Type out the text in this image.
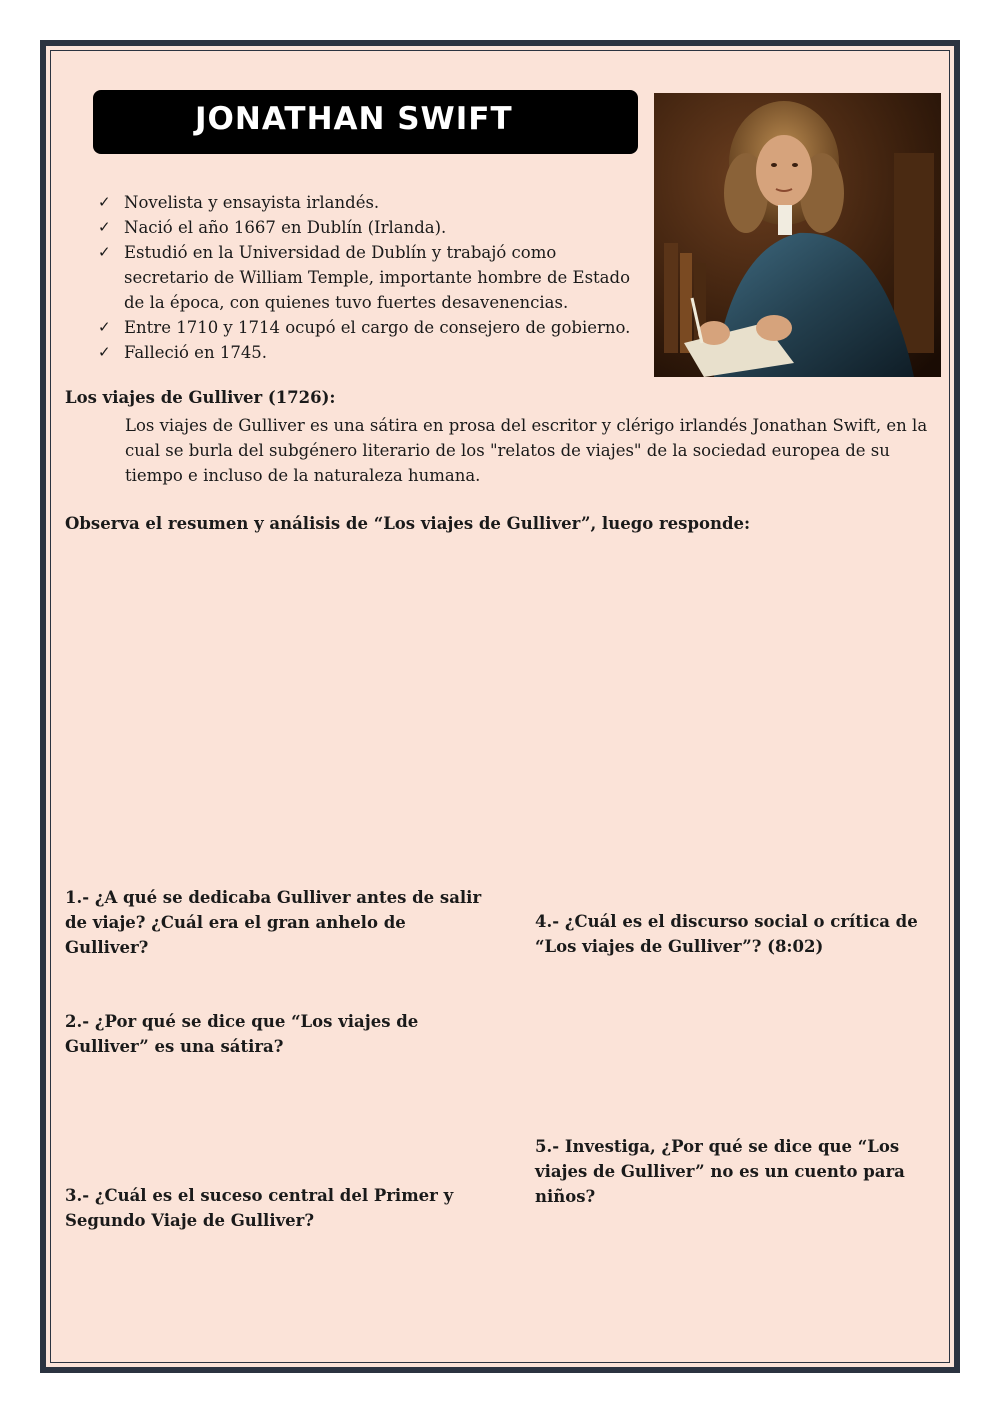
JONATHAN SWIFT
✓ Novelista y ensayista irlandés.
✓ Nació el año 1667 en Dublín (Irlanda).
✓ Estudió en la Universidad de Dublín y trabajó como secretario de William Temple, importante hombre de Estado de la época, con quienes tuvo fuertes desavenencias.
✓ Entre 1710 y 1714 ocupó el cargo de consejero de gobierno.
✓ Falleció en 1745.
Los viajes de Gulliver (1726):
Los viajes de Gulliver es una sátira en prosa del escritor y clérigo irlandés Jonathan Swift, en la cual se burla del subgénero literario de los "relatos de viajes" de la sociedad europea de su tiempo e incluso de la naturaleza humana.
Observa el resumen y análisis de “Los viajes de Gulliver”, luego responde:

1.- ¿A qué se dedicaba Gulliver antes de salir de viaje? ¿Cuál era el gran anhelo de Gulliver?

2.- ¿Por qué se dice que “Los viajes de Gulliver” es una sátira?

3.- ¿Cuál es el suceso central del Primer y Segundo Viaje de Gulliver?

4.- ¿Cuál es el discurso social o crítica de “Los viajes de Gulliver”? (8:02)

5.- Investiga, ¿Por qué se dice que “Los viajes de Gulliver” no es un cuento para niños?
